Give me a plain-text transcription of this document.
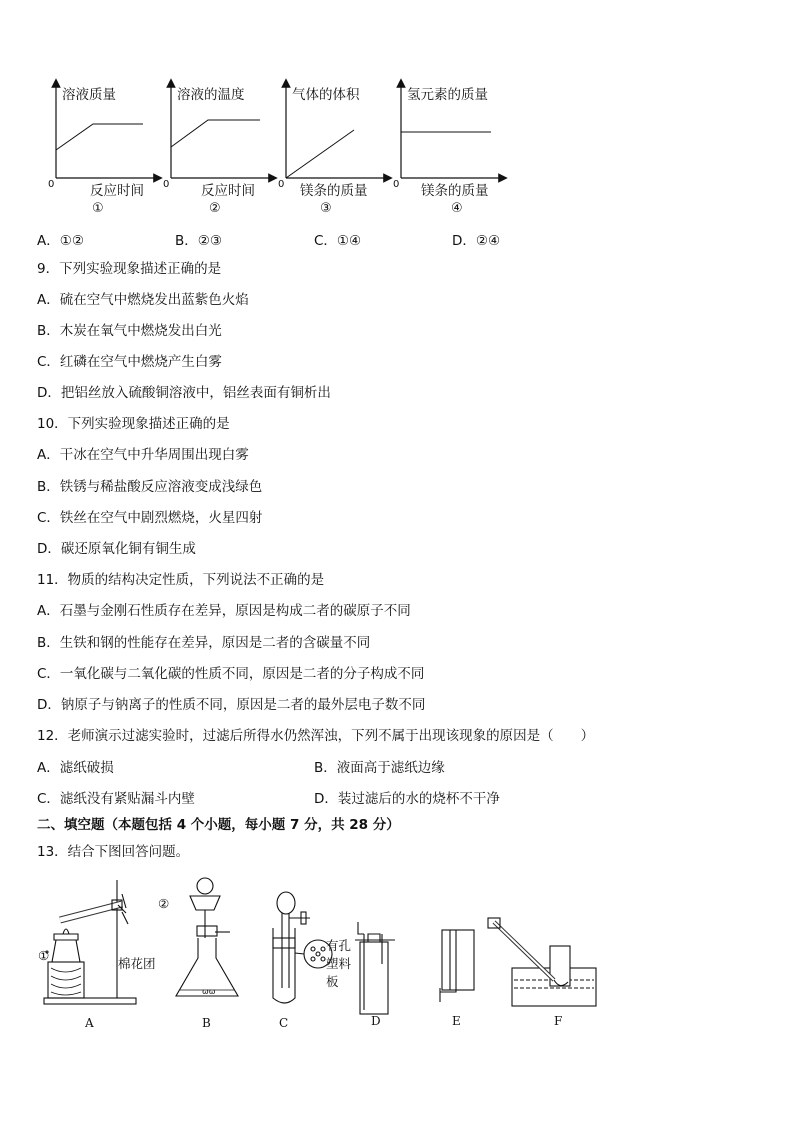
溶液质量
0	反应时间
①
溶液的温度
0 反应时间
②
气体的体积
0 镁条的质量
③
氢元素的质量
0 镁条的质量
④
A．①②	B．②③	C．①④	D．②④
9．下列实验现象描述正确的是
A．硫在空气中燃烧发出蓝紫色火焰
B．木炭在氧气中燃烧发出白光
C．红磷在空气中燃烧产生白雾
D．把铝丝放入硫酸铜溶液中，铝丝表面有铜析出
10．下列实验现象描述正确的是
A．干冰在空气中升华周围出现白雾
B．铁锈与稀盐酸反应溶液变成浅绿色
C．铁丝在空气中剧烈燃烧，火星四射
D．碳还原氧化铜有铜生成
11．物质的结构决定性质，下列说法不正确的是
A．石墨与金刚石性质存在差异，原因是构成二者的碳原子不同
B．生铁和钢的性能存在差异，原因是二者的含碳量不同
C．一氧化碳与二氧化碳的性质不同，原因是二者的分子构成不同
D．钠原子与钠离子的性质不同，原因是二者的最外层电子数不同
12．老师演示过滤实验时，过滤后所得水仍然浑浊，下列不属于出现该现象的原因是（　　）
A．滤纸破损	B．液面高于滤纸边缘
C．滤纸没有紧贴漏斗内壁	D．装过滤后的水的烧杯不干净
二、填空题（本题包括 4 个小题，每小题 7 分，共 28 分）
13．结合下图回答问题。
ωω
A	B	C	D	E	F
棉花团
有孔
塑料
板
①
②
